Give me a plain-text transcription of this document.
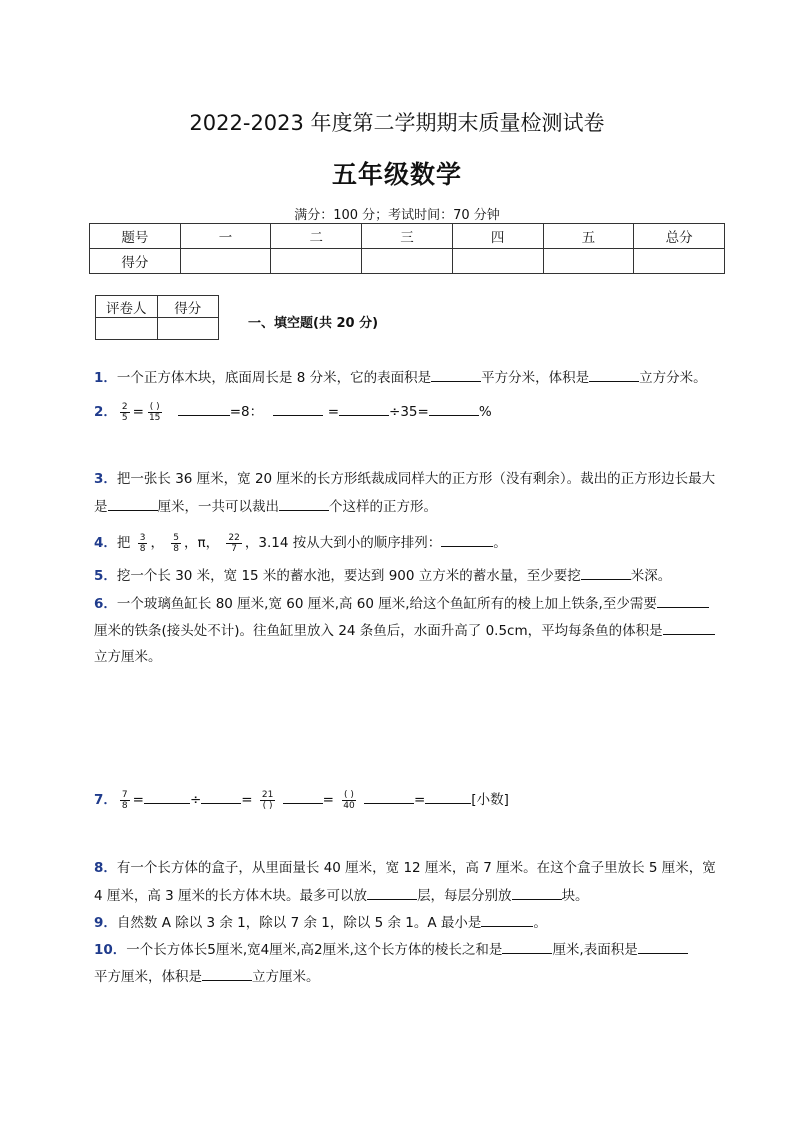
2022-2023 年度第二学期期末质量检测试卷
五年级数学
满分：100 分；考试时间：70 分钟
题号	一	二	三	四	五	总分
得分						
评卷人	得分

一、填空题(共 20 分)
1．一个正方体木块，底面周长是 8 分米，它的表面积是	平方分米，体积是	立方分米。
2． $\frac{2}{5} = \frac{( )}{15}$	=8：	=	÷35=	%
3．把一张长 36 厘米，宽 20 厘米的长方形纸裁成同样大的正方形（没有剩余）。裁出的正方形边长最大
是	厘米，一共可以裁出	个这样的正方形。
4．把 $\frac{3}{8}$ ， $\frac{5}{8}$ ，π， $\frac{22}{7}$ ，3.14 按从大到小的顺序排列：	。
5．挖一个长 30 米，宽 15 米的蓄水池，要达到 900 立方米的蓄水量，至少要挖	米深。
6．一个玻璃鱼缸长 80 厘米,宽 60 厘米,高 60 厘米,给这个鱼缸所有的棱上加上铁条,至少需要
厘米的铁条(接头处不计)。往鱼缸里放入 24 条鱼后，水面升高了 0.5cm，平均每条鱼的体积是
立方厘米。
7． $\frac{7}{8}$ =	÷	= $\frac{21}{( )}$	= $\frac{( )}{40}$	=	[小数]
8．有一个长方体的盒子，从里面量长 40 厘米，宽 12 厘米，高 7 厘米。在这个盒子里放长 5 厘米，宽
4 厘米，高 3 厘米的长方体木块。最多可以放	层，每层分别放	块。
9．自然数 A 除以 3 余 1，除以 7 余 1，除以 5 余 1。A 最小是	。
10．一个长方体长5厘米,宽4厘米,高2厘米,这个长方体的棱长之和是	厘米,表面积是
平方厘米，体积是	立方厘米。
